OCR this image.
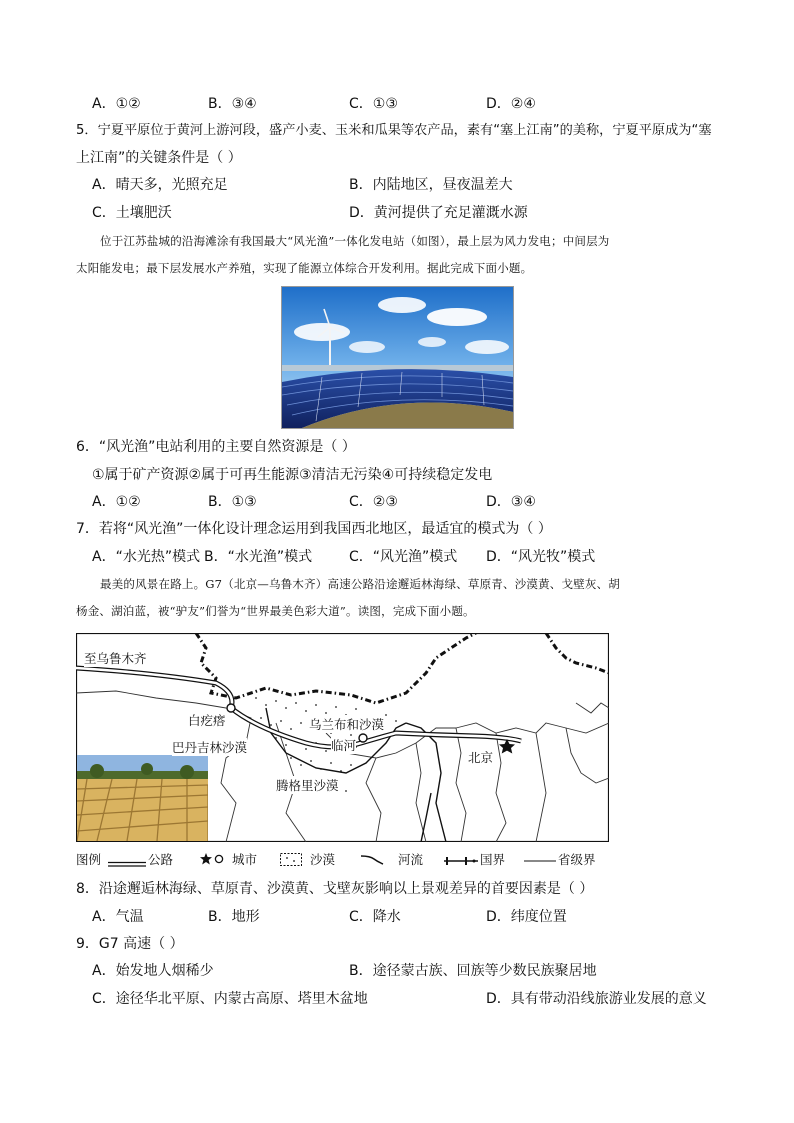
A．①②	B．③④	C．①③	D．②④
5．宁夏平原位于黄河上游河段，盛产小麦、玉米和瓜果等农产品，素有“塞上江南”的美称，宁夏平原成为“塞
上江南”的关键条件是（ ）
A．晴天多，光照充足	B．内陆地区，昼夜温差大
C．土壤肥沃	D．黄河提供了充足灌溉水源
位于江苏盐城的沿海滩涂有我国最大“风光渔”一体化发电站（如图），最上层为风力发电；中间层为
太阳能发电；最下层发展水产养殖，实现了能源立体综合开发利用。据此完成下面小题。
6．“风光渔”电站利用的主要自然资源是（ ）
①属于矿产资源②属于可再生能源③清洁无污染④可持续稳定发电
A．①②	B．①③	C．②③	D．③④
7．若将“风光渔”一体化设计理念运用到我国西北地区，最适宜的模式为（ ）
A．“水光热”模式 B．“水光渔”模式	C．“风光渔”模式 D．“风光牧”模式
最美的风景在路上。G7（北京—乌鲁木齐）高速公路沿途邂逅林海绿、草原青、沙漠黄、戈壁灰、胡
杨金、湖泊蓝，被“驴友”们誉为“世界最美色彩大道”。读图，完成下面小题。
至乌鲁木齐
白疙瘩
巴丹吉林沙漠
乌兰布和沙漠
临河
北京
腾格里沙漠
图例	公路	城市	沙漠	河流	国界	省级界
8．沿途邂逅林海绿、草原青、沙漠黄、戈壁灰影响以上景观差异的首要因素是（ ）
A．气温	B．地形	C．降水	D．纬度位置
9．G7 高速（ ）
A．始发地人烟稀少	B．途径蒙古族、回族等少数民族聚居地
C．途径华北平原、内蒙古高原、塔里木盆地	D．具有带动沿线旅游业发展的意义
